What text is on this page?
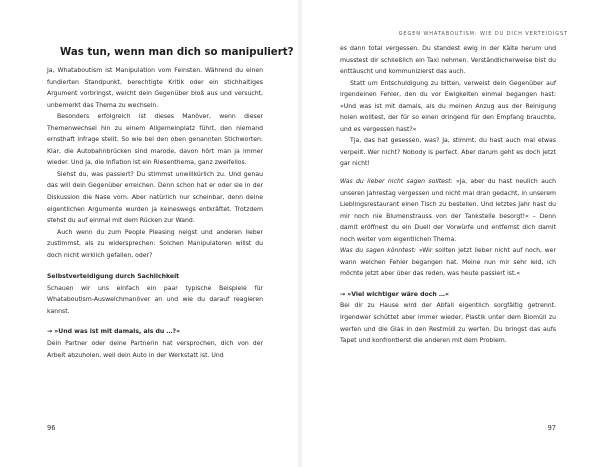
Was tun, wenn man dich so manipuliert?

Ja, Whataboutism ist Manipulation vom Feinsten. Während du einen fundierten Standpunkt, berechtigte Kritik oder ein stichhaltiges Argument vorbringst, weicht dein Gegenüber bloß aus und versucht, unbemerkt das Thema zu wechseln.

Besonders erfolgreich ist dieses Manöver, wenn dieser Themenwechsel hin zu einem Allgemeinplatz führt, den niemand ernsthaft infrage stellt. So wie bei den oben genannten Stichworten: Klar, die Autobahnbrücken sind marode, davon hört man ja immer wieder. Und ja, die Inflation ist ein Riesenthema, ganz zweifellos.

Siehst du, was passiert? Du stimmst unwillkürlich zu. Und genau das will dein Gegenüber erreichen. Denn schon hat er oder sie in der Diskussion die Nase vorn. Aber natürlich nur scheinbar, denn deine eigentlichen Argumente wurden ja keineswegs entkräftet. Trotzdem stehst du auf einmal mit dem Rücken zur Wand.

Auch wenn du zum People Pleasing neigst und anderen lieber zustimmst, als zu widersprechen: Solchen Manipulatoren willst du doch nicht wirklich gefallen, oder?

Selbstverteidigung durch Sachlichkeit

Schauen wir uns einfach ein paar typische Beispiele für Whataboutism-Ausweichmanöver an und wie du darauf reagieren kannst.

→ »Und was ist mit damals, als du …?«

Dein Partner oder deine Partnerin hat versprochen, dich von der Arbeit abzuholen, weil dein Auto in der Werkstatt ist. Und

96
GEGEN WHATABOUTISM: WIE DU DICH VERTEIDIGST

es dann total vergessen. Du standest ewig in der Kälte herum und musstest dir schließlich ein Taxi nehmen. Verständlicherweise bist du enttäuscht und kommunizierst das auch.

Statt um Entschuldigung zu bitten, verweist dein Gegenüber auf irgendeinen Fehler, den du vor Ewigkeiten einmal begangen hast: »Und was ist mit damals, als du meinen Anzug aus der Reinigung holen wolltest, der für so einen dringend für den Empfang brauchte, und es vergessen hast?«

Tja, das hat gesessen, was? Ja, stimmt, du hast auch mal etwas verpeilt. Wer nicht? Nobody is perfect. Aber darum geht es doch jetzt gar nicht!

Was du lieber nicht sagen solltest: »Ja, aber du hast neulich auch unseren Jahrestag vergessen und nicht mal dran gedacht, in unserem Lieblingsrestaurant einen Tisch zu bestellen. Und letztes Jahr hast du mir noch nie Blumenstrauss von der Tankstelle besorgt!« – Denn damit eröffnest du ein Duell der Vorwürfe und entfernst dich damit noch weiter vom eigentlichen Thema.

Was du sagen könntest: »Wir sollten jetzt lieber nicht auf noch, wer wann welchen Fehler begangen hat. Meine nun mir sehr leid, ich möchte jetzt aber über das reden, was heute passiert ist.«

→ »Viel wichtiger wäre doch …«

Bei dir zu Hause wird der Abfall eigentlich sorgfältig getrennt. Irgendwer schüttet aber immer wieder, Plastik unter dem Biomüll zu werfen und die Glas in den Restmüll zu werfen. Du bringst das aufs Tapet und konfrontierst die anderen mit dem Problem.

97
